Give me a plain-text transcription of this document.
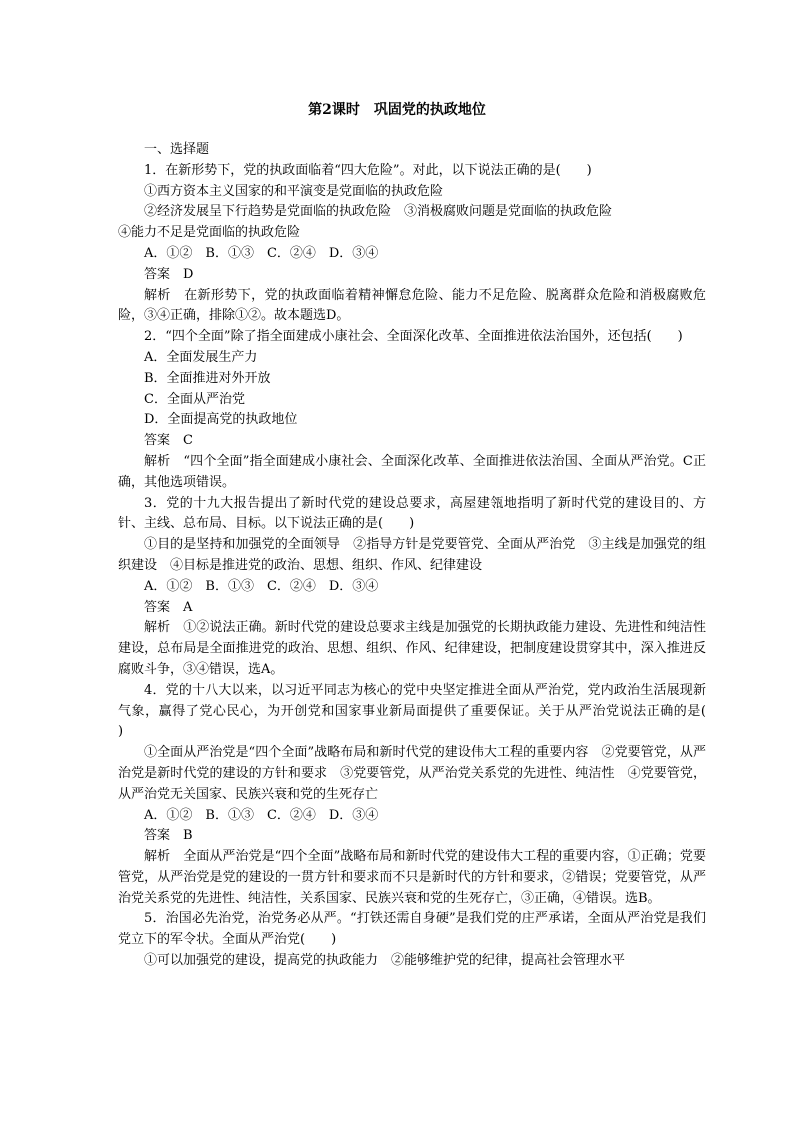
第2课时　巩固党的执政地位

一、选择题

1．在新形势下，党的执政面临着“四大危险”。对此，以下说法正确的是(　　)

①西方资本主义国家的和平演变是党面临的执政危险

②经济发展呈下行趋势是党面临的执政危险　③消极腐败问题是党面临的执政危险

④能力不足是党面临的执政危险

A．①②　B．①③　C．②④　D．③④

答案　D

解析　在新形势下，党的执政面临着精神懈怠危险、能力不足危险、脱离群众危险和消极腐败危险，③④正确，排除①②。故本题选D。

2．“四个全面”除了指全面建成小康社会、全面深化改革、全面推进依法治国外，还包括(　　)

A．全面发展生产力

B．全面推进对外开放

C．全面从严治党

D．全面提高党的执政地位

答案　C

解析　“四个全面”指全面建成小康社会、全面深化改革、全面推进依法治国、全面从严治党。C正确，其他选项错误。

3．党的十九大报告提出了新时代党的建设总要求，高屋建瓴地指明了新时代党的建设目的、方针、主线、总布局、目标。以下说法正确的是(　　)

①目的是坚持和加强党的全面领导　②指导方针是党要管党、全面从严治党　③主线是加强党的组织建设　④目标是推进党的政治、思想、组织、作风、纪律建设

A．①②　B．①③　C．②④　D．③④

答案　A

解析　①②说法正确。新时代党的建设总要求主线是加强党的长期执政能力建设、先进性和纯洁性建设，总布局是全面推进党的政治、思想、组织、作风、纪律建设，把制度建设贯穿其中，深入推进反腐败斗争，③④错误，选A。

4．党的十八大以来，以习近平同志为核心的党中央坚定推进全面从严治党，党内政治生活展现新气象，赢得了党心民心，为开创党和国家事业新局面提供了重要保证。关于从严治党说法正确的是(　　)

①全面从严治党是“四个全面”战略布局和新时代党的建设伟大工程的重要内容　②党要管党，从严治党是新时代党的建设的方针和要求　③党要管党，从严治党关系党的先进性、纯洁性　④党要管党，从严治党无关国家、民族兴衰和党的生死存亡

A．①②　B．①③　C．②④　D．③④

答案　B

解析　全面从严治党是“四个全面”战略布局和新时代党的建设伟大工程的重要内容，①正确；党要管党，从严治党是党的建设的一贯方针和要求而不只是新时代的方针和要求，②错误；党要管党，从严治党关系党的先进性、纯洁性，关系国家、民族兴衰和党的生死存亡，③正确，④错误。选B。

5．治国必先治党，治党务必从严。“打铁还需自身硬”是我们党的庄严承诺，全面从严治党是我们党立下的军令状。全面从严治党(　　)

①可以加强党的建设，提高党的执政能力　②能够维护党的纪律，提高社会管理水平
